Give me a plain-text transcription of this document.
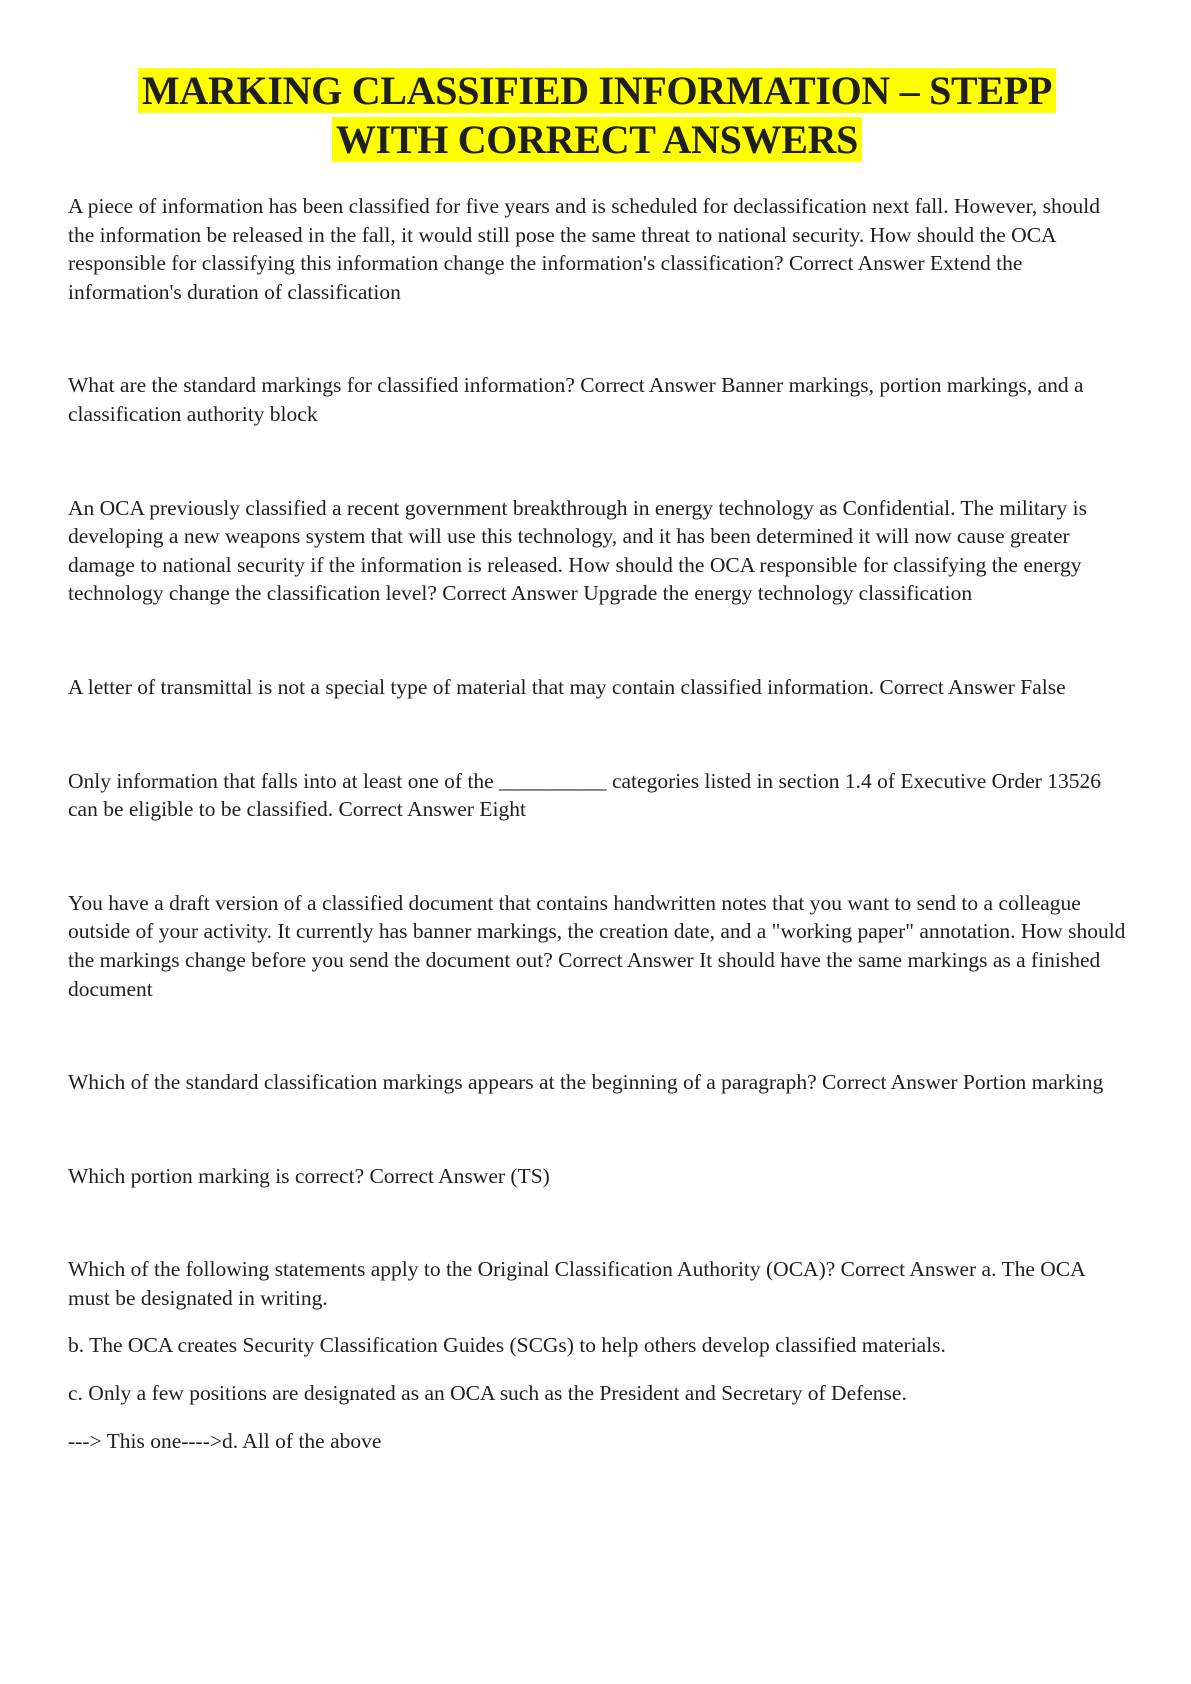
MARKING CLASSIFIED INFORMATION – STEPP
WITH CORRECT ANSWERS

A piece of information has been classified for five years and is scheduled for declassification next fall. However, should the information be released in the fall, it would still pose the same threat to national security. How should the OCA responsible for classifying this information change the information's classification? Correct Answer Extend the information's duration of classification

What are the standard markings for classified information? Correct Answer Banner markings, portion markings, and a classification authority block

An OCA previously classified a recent government breakthrough in energy technology as Confidential. The military is developing a new weapons system that will use this technology, and it has been determined it will now cause greater damage to national security if the information is released. How should the OCA responsible for classifying the energy technology change the classification level? Correct Answer Upgrade the energy technology classification

A letter of transmittal is not a special type of material that may contain classified information. Correct Answer False

Only information that falls into at least one of the __________ categories listed in section 1.4 of Executive Order 13526 can be eligible to be classified. Correct Answer Eight

You have a draft version of a classified document that contains handwritten notes that you want to send to a colleague outside of your activity. It currently has banner markings, the creation date, and a "working paper" annotation. How should the markings change before you send the document out? Correct Answer It should have the same markings as a finished document

Which of the standard classification markings appears at the beginning of a paragraph? Correct Answer Portion marking

Which portion marking is correct? Correct Answer (TS)

Which of the following statements apply to the Original Classification Authority (OCA)? Correct Answer a. The OCA must be designated in writing.

b. The OCA creates Security Classification Guides (SCGs) to help others develop classified materials.

c. Only a few positions are designated as an OCA such as the President and Secretary of Defense.

---> This one---->d. All of the above
